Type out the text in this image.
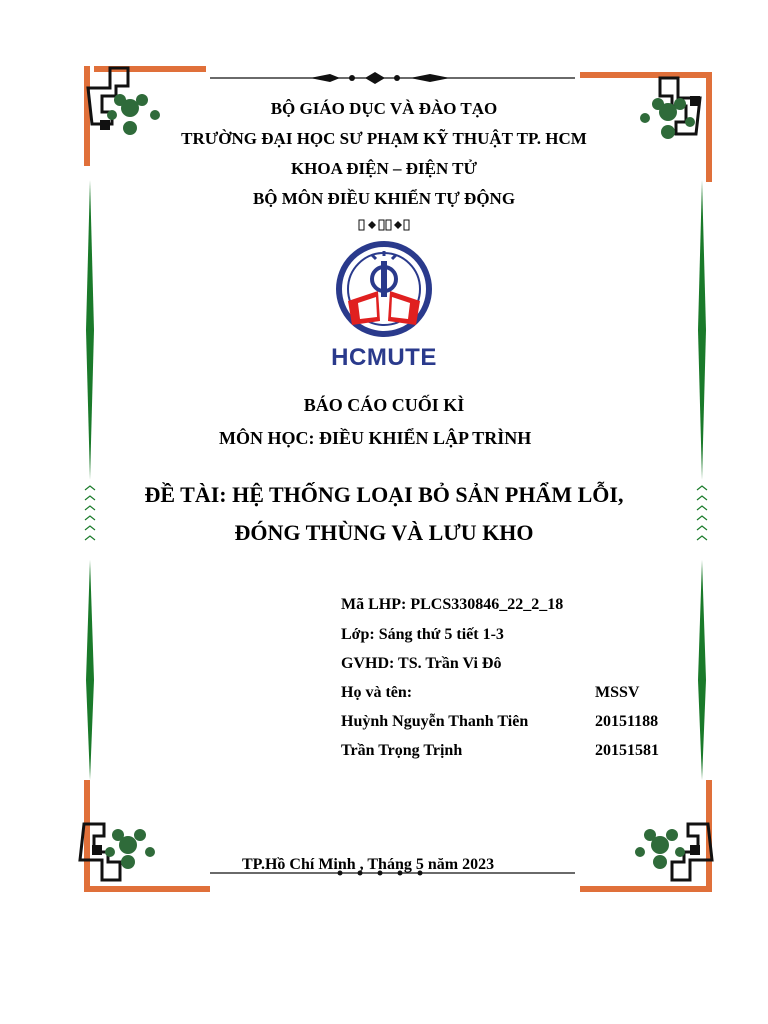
BỘ GIÁO DỤC VÀ ĐÀO TẠO
TRƯỜNG ĐẠI HỌC SƯ PHẠM KỸ THUẬT TP. HCM
KHOA ĐIỆN – ĐIỆN TỬ
BỘ MÔN ĐIỀU KHIỂN TỰ ĐỘNG
HCMUTE
BÁO CÁO CUỐI KÌ
MÔN HỌC: ĐIỀU KHIỂN LẬP TRÌNH
ĐỀ TÀI: HỆ THỐNG LOẠI BỎ SẢN PHẨM LỖI,
ĐÓNG THÙNG VÀ LƯU KHO
Mã LHP: PLCS330846_22_2_18
Lớp: Sáng thứ 5 tiết 1-3
GVHD: TS. Trần Vi Đô
Họ và tên:	MSSV
Huỳnh Nguyễn Thanh Tiên	20151188
Trần Trọng Trịnh	20151581
TP.Hồ Chí Minh , Tháng 5 năm 2023
